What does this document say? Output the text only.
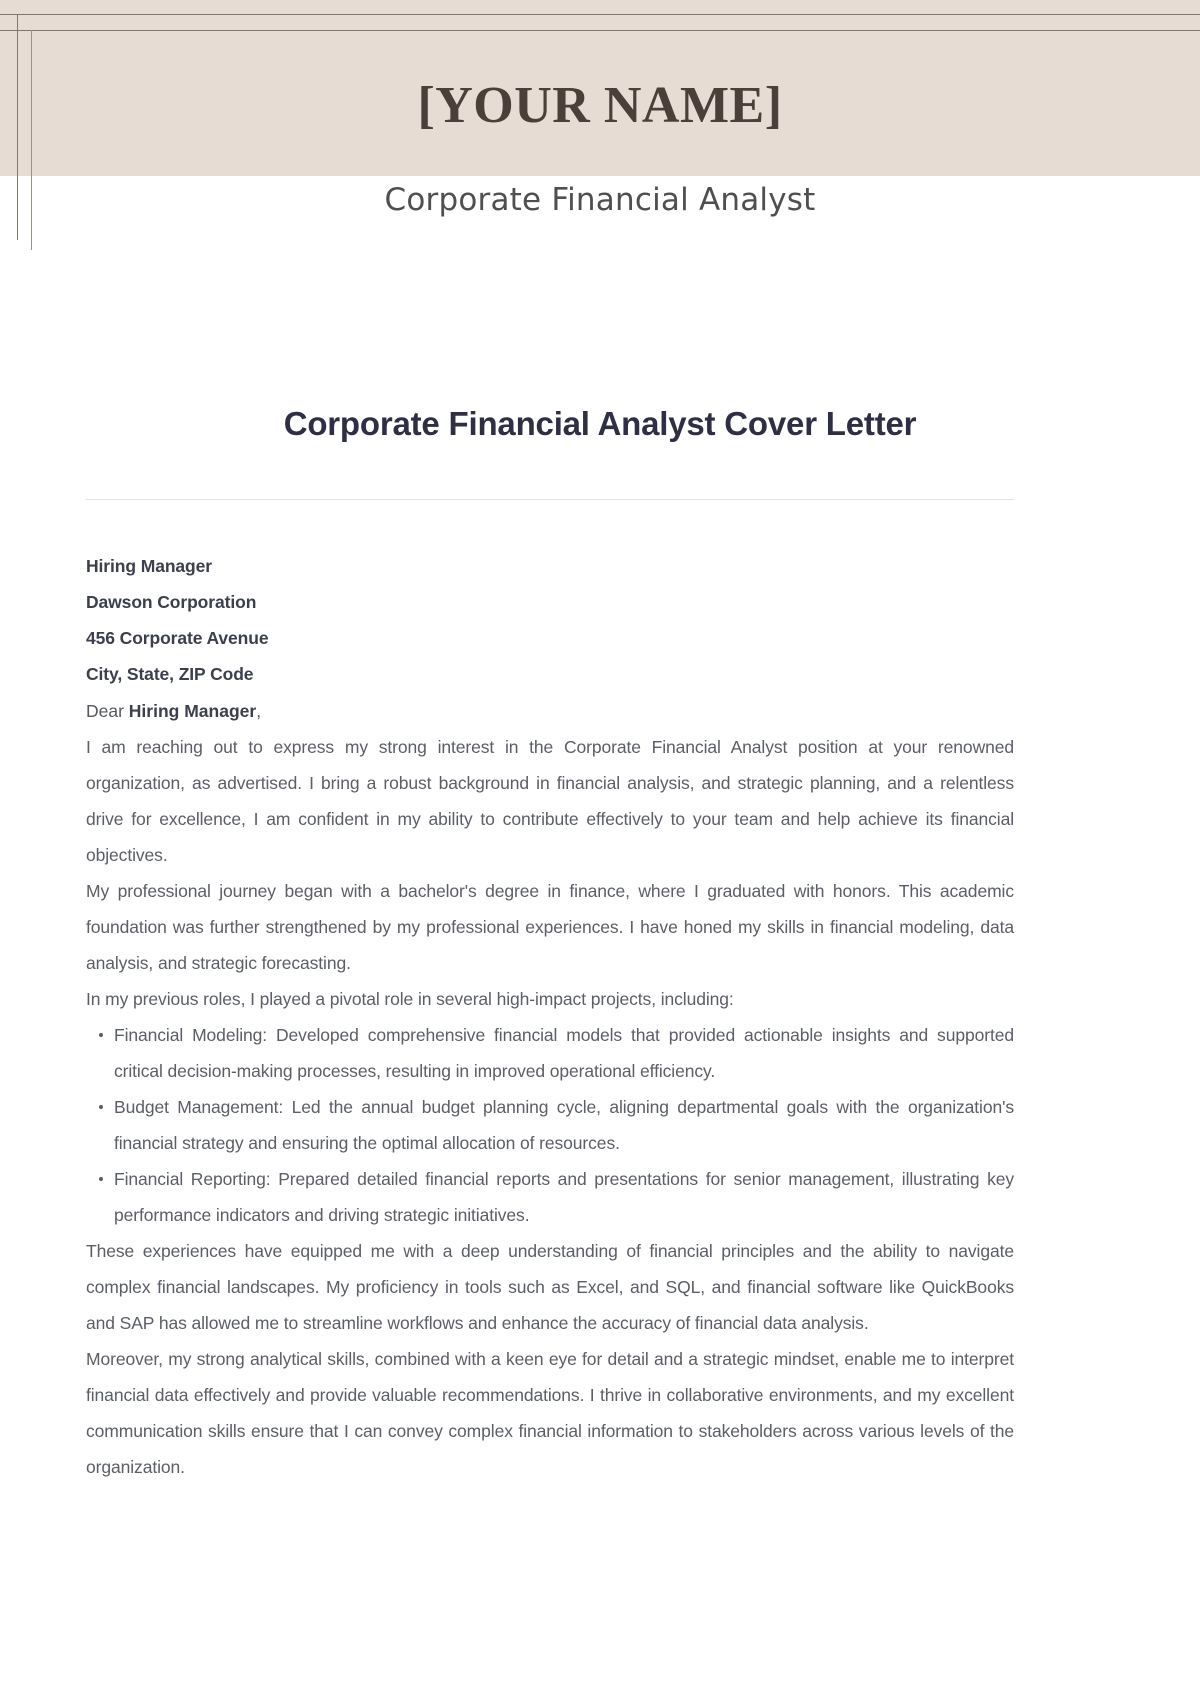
[YOUR NAME]
Corporate Financial Analyst
Corporate Financial Analyst Cover Letter
Hiring Manager
Dawson Corporation
456 Corporate Avenue
City, State, ZIP Code
Dear Hiring Manager,

I am reaching out to express my strong interest in the Corporate Financial Analyst position at your renowned organization, as advertised. I bring a robust background in financial analysis, and strategic planning, and a relentless drive for excellence, I am confident in my ability to contribute effectively to your team and help achieve its financial objectives.

My professional journey began with a bachelor's degree in finance, where I graduated with honors. This academic foundation was further strengthened by my professional experiences. I have honed my skills in financial modeling, data analysis, and strategic forecasting.

In my previous roles, I played a pivotal role in several high-impact projects, including:

Financial Modeling: Developed comprehensive financial models that provided actionable insights and supported critical decision-making processes, resulting in improved operational efficiency.
Budget Management: Led the annual budget planning cycle, aligning departmental goals with the organization's financial strategy and ensuring the optimal allocation of resources.
Financial Reporting: Prepared detailed financial reports and presentations for senior management, illustrating key performance indicators and driving strategic initiatives.

These experiences have equipped me with a deep understanding of financial principles and the ability to navigate complex financial landscapes. My proficiency in tools such as Excel, and SQL, and financial software like QuickBooks and SAP has allowed me to streamline workflows and enhance the accuracy of financial data analysis.

Moreover, my strong analytical skills, combined with a keen eye for detail and a strategic mindset, enable me to interpret financial data effectively and provide valuable recommendations. I thrive in collaborative environments, and my excellent communication skills ensure that I can convey complex financial information to stakeholders across various levels of the organization.
